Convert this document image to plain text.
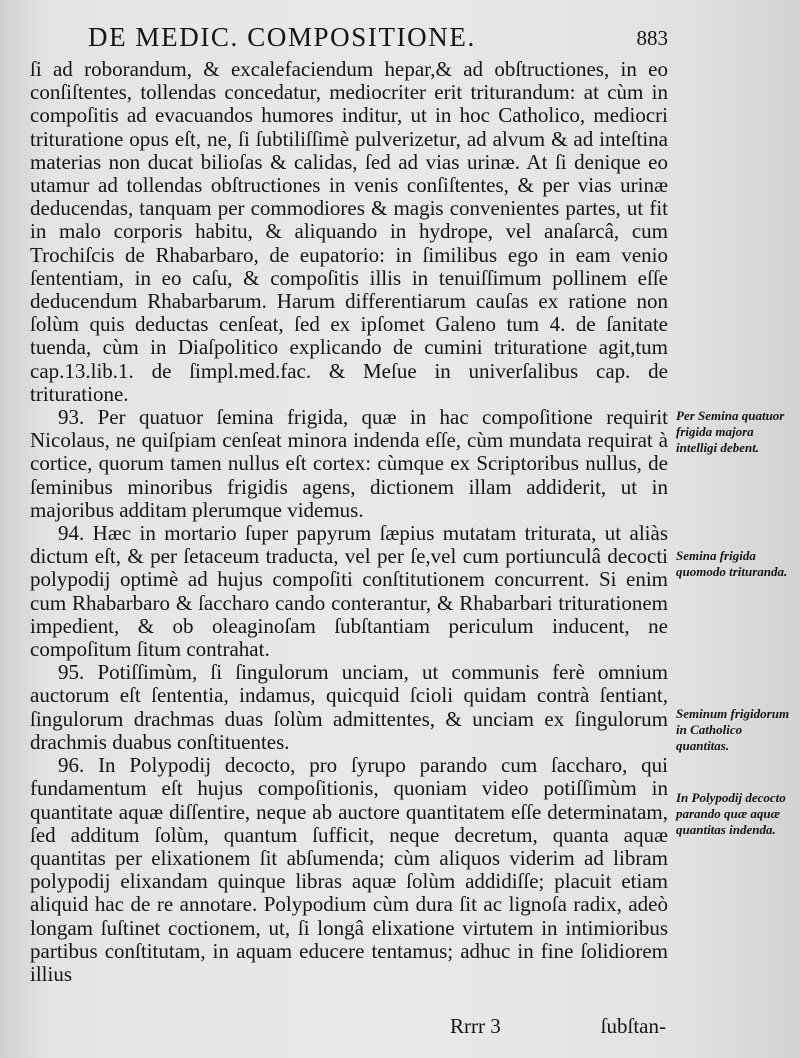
DE MEDIC. COMPOSITIONE.	883

ſi ad roborandum, & excalefaciendum hepar,& ad obſtructiones, in eo conſiſtentes, tollendas concedatur, mediocriter erit triturandum: at cùm in compoſitis ad evacuandos humores inditur, ut in hoc Catholico, mediocri trituratione opus eſt, ne, ſi ſubtiliſſimè pulverizetur, ad alvum & ad inteſtina materias non ducat bilioſas & calidas, ſed ad vias urinæ. At ſi denique eo utamur ad tollendas obſtructiones in venis conſiſtentes, & per vias urinæ deducendas, tanquam per commodiores & magis convenientes partes, ut fit in malo corporis habitu, & aliquando in hydrope, vel anaſarcâ, cum Trochiſcis de Rhabarbaro, de eupatorio: in ſimilibus ego in eam venio ſententiam, in eo caſu, & compoſitis illis in tenuiſſimum pollinem eſſe deducendum Rhabarbarum. Harum differentiarum cauſas ex ratione non ſolùm quis deductas cenſeat, ſed ex ipſomet Galeno tum 4. de ſanitate tuenda, cùm in Diaſpolitico explicando de cumini trituratione agit,tum cap.13.lib.1. de ſimpl.med.fac. & Meſue in univerſalibus cap. de trituratione.

93. Per quatuor ſemina frigida, quæ in hac compoſitione requirit Nicolaus, ne quiſpiam cenſeat minora indenda eſſe, cùm mundata requirat à cortice, quorum tamen nullus eſt cortex: cùmque ex Scriptoribus nullus, de ſeminibus minoribus frigidis agens, dictionem illam addiderit, ut in majoribus additam plerumque videmus.

94. Hæc in mortario ſuper papyrum ſæpius mutatam triturata, ut aliàs dictum eſt, & per ſetaceum traducta, vel per ſe,vel cum portiunculâ decocti polypodij optimè ad hujus compoſiti conſtitutionem concurrent. Si enim cum Rhabarbaro & ſaccharo cando conterantur, & Rhabarbari triturationem impedient, & ob oleaginoſam ſubſtantiam periculum inducent, ne compoſitum ſitum contrahat.

95. Potiſſimùm, ſi ſingulorum unciam, ut communis ferè omnium auctorum eſt ſententia, indamus, quicquid ſcioli quidam contrà ſentiant, ſingulorum drachmas duas ſolùm admittentes, & unciam ex ſingulorum drachmis duabus conſtituentes.

96. In Polypodij decocto, pro ſyrupo parando cum ſaccharo, qui fundamentum eſt hujus compoſitionis, quoniam video potiſſimùm in quantitate aquæ diſſentire, neque ab auctore quantitatem eſſe determinatam, ſed additum ſolùm, quantum ſufficit, neque decretum, quanta aquæ quantitas per elixationem ſit abſumenda; cùm aliquos viderim ad libram polypodij elixandam quinque libras aquæ ſolùm addidiſſe; placuit etiam aliquid hac de re annotare. Polypodium cùm dura ſit ac lignoſa radix, adeò longam ſuſtinet coctionem, ut, ſi longâ elixatione virtutem in intimioribus partibus conſtitutam, in aquam educere tentamus; adhuc in fine ſolidiorem illius

Per Semina quatuor frigida majora intelligi debent.
Semina frigida quomodo trituranda.
Seminum frigidorum in Catholico quantitas.
In Polypodij decocto parando quæ aquæ quantitas indenda.
Rrrr 3	ſubſtan-
